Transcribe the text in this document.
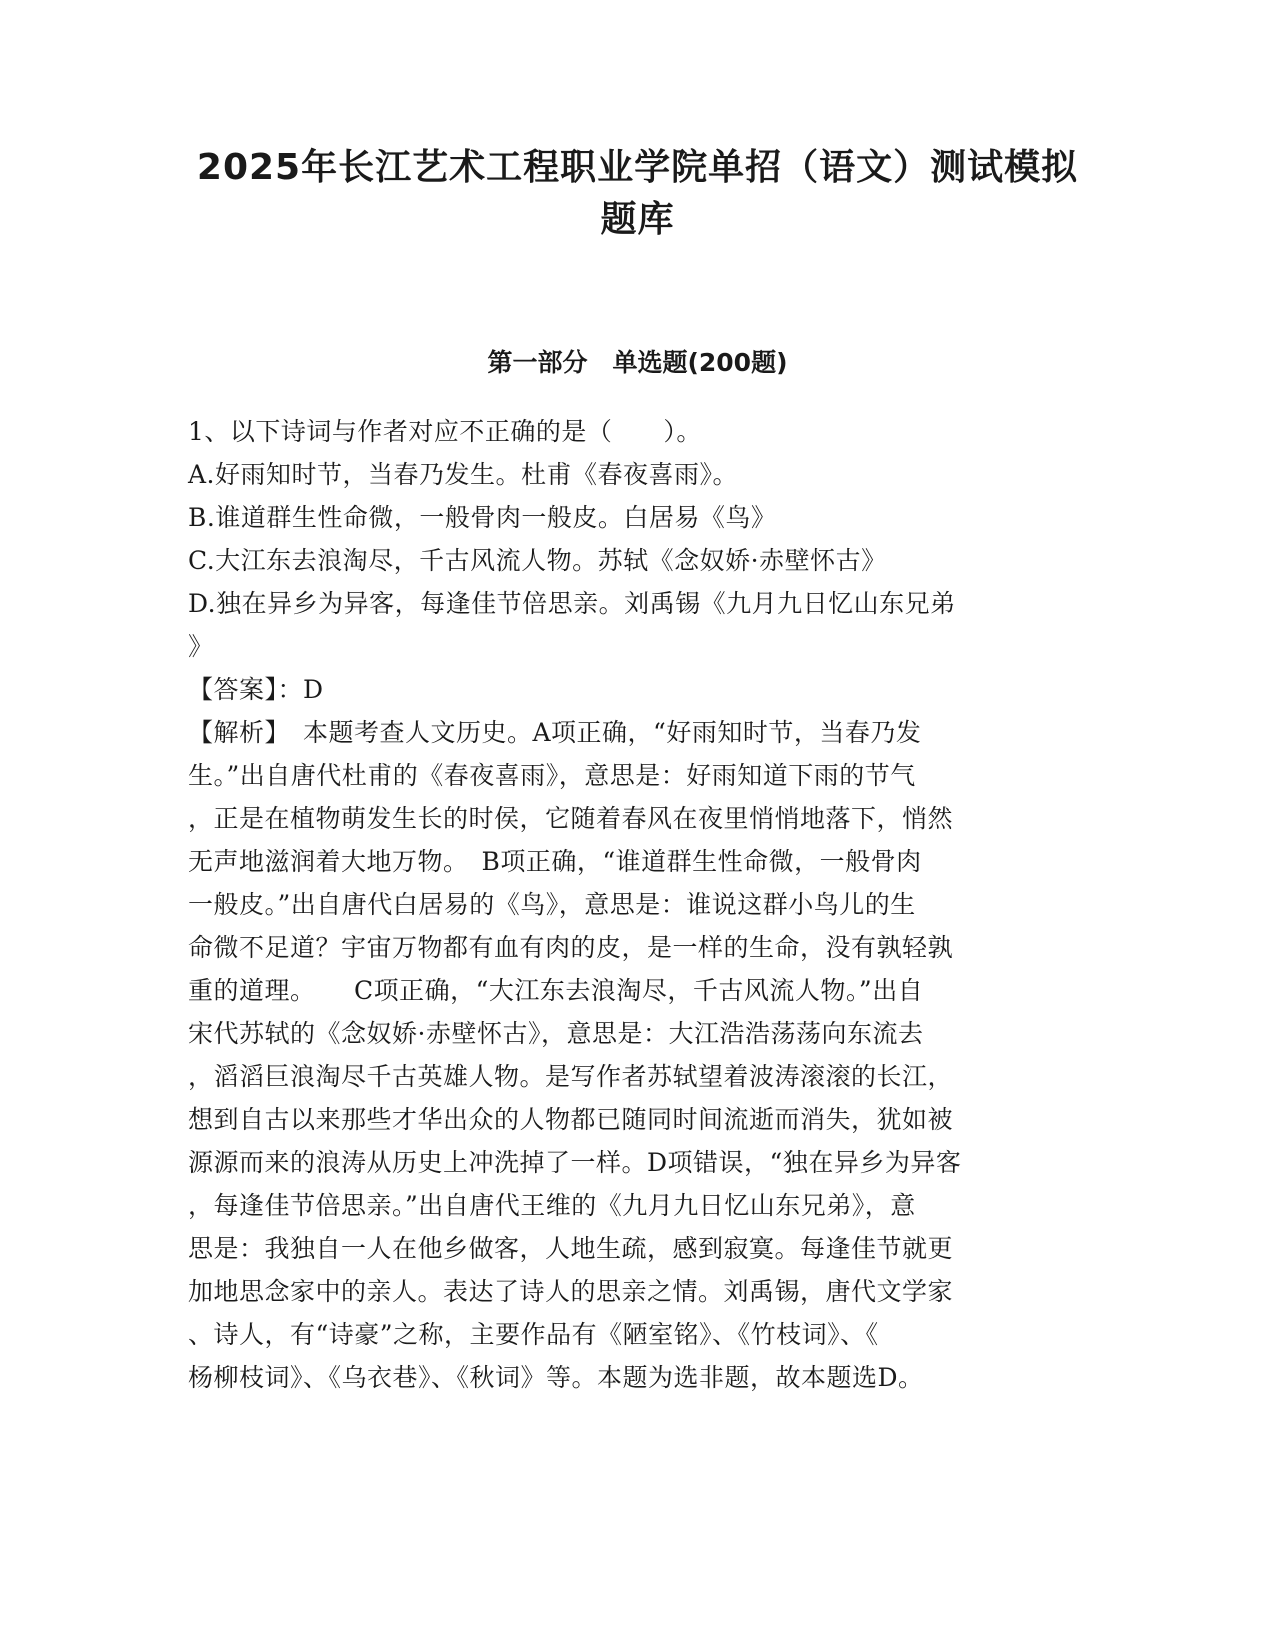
2025年长江艺术工程职业学院单招（语文）测试模拟
题库
第一部分　单选题(200题)
1、以下诗词与作者对应不正确的是（　　）。
A.好雨知时节，当春乃发生。杜甫《春夜喜雨》。
B.谁道群生性命微，一般骨肉一般皮。白居易《鸟》
C.大江东去浪淘尽，千古风流人物。苏轼《念奴娇·赤壁怀古》
D.独在异乡为异客，每逢佳节倍思亲。刘禹锡《九月九日忆山东兄弟
》
【答案】：D
【解析】　本题考查人文历史。A项正确，“好雨知时节，当春乃发
生。”出自唐代杜甫的《春夜喜雨》，意思是：好雨知道下雨的节气
，正是在植物萌发生长的时侯，它随着春风在夜里悄悄地落下，悄然
无声地滋润着大地万物。　B项正确，“谁道群生性命微，一般骨肉
一般皮。”出自唐代白居易的《鸟》，意思是：谁说这群小鸟儿的生
命微不足道？宇宙万物都有血有肉的皮，是一样的生命，没有孰轻孰
重的道理。　　C项正确，“大江东去浪淘尽，千古风流人物。”出自
宋代苏轼的《念奴娇·赤壁怀古》，意思是：大江浩浩荡荡向东流去
，滔滔巨浪淘尽千古英雄人物。是写作者苏轼望着波涛滚滚的长江，
想到自古以来那些才华出众的人物都已随同时间流逝而消失，犹如被
源源而来的浪涛从历史上冲洗掉了一样。D项错误，“独在异乡为异客
，每逢佳节倍思亲。”出自唐代王维的《九月九日忆山东兄弟》，意
思是：我独自一人在他乡做客，人地生疏，感到寂寞。每逢佳节就更
加地思念家中的亲人。表达了诗人的思亲之情。刘禹锡，唐代文学家
、诗人，有“诗豪”之称，主要作品有《陋室铭》、《竹枝词》、《
杨柳枝词》、《乌衣巷》、《秋词》等。本题为选非题，故本题选D。
